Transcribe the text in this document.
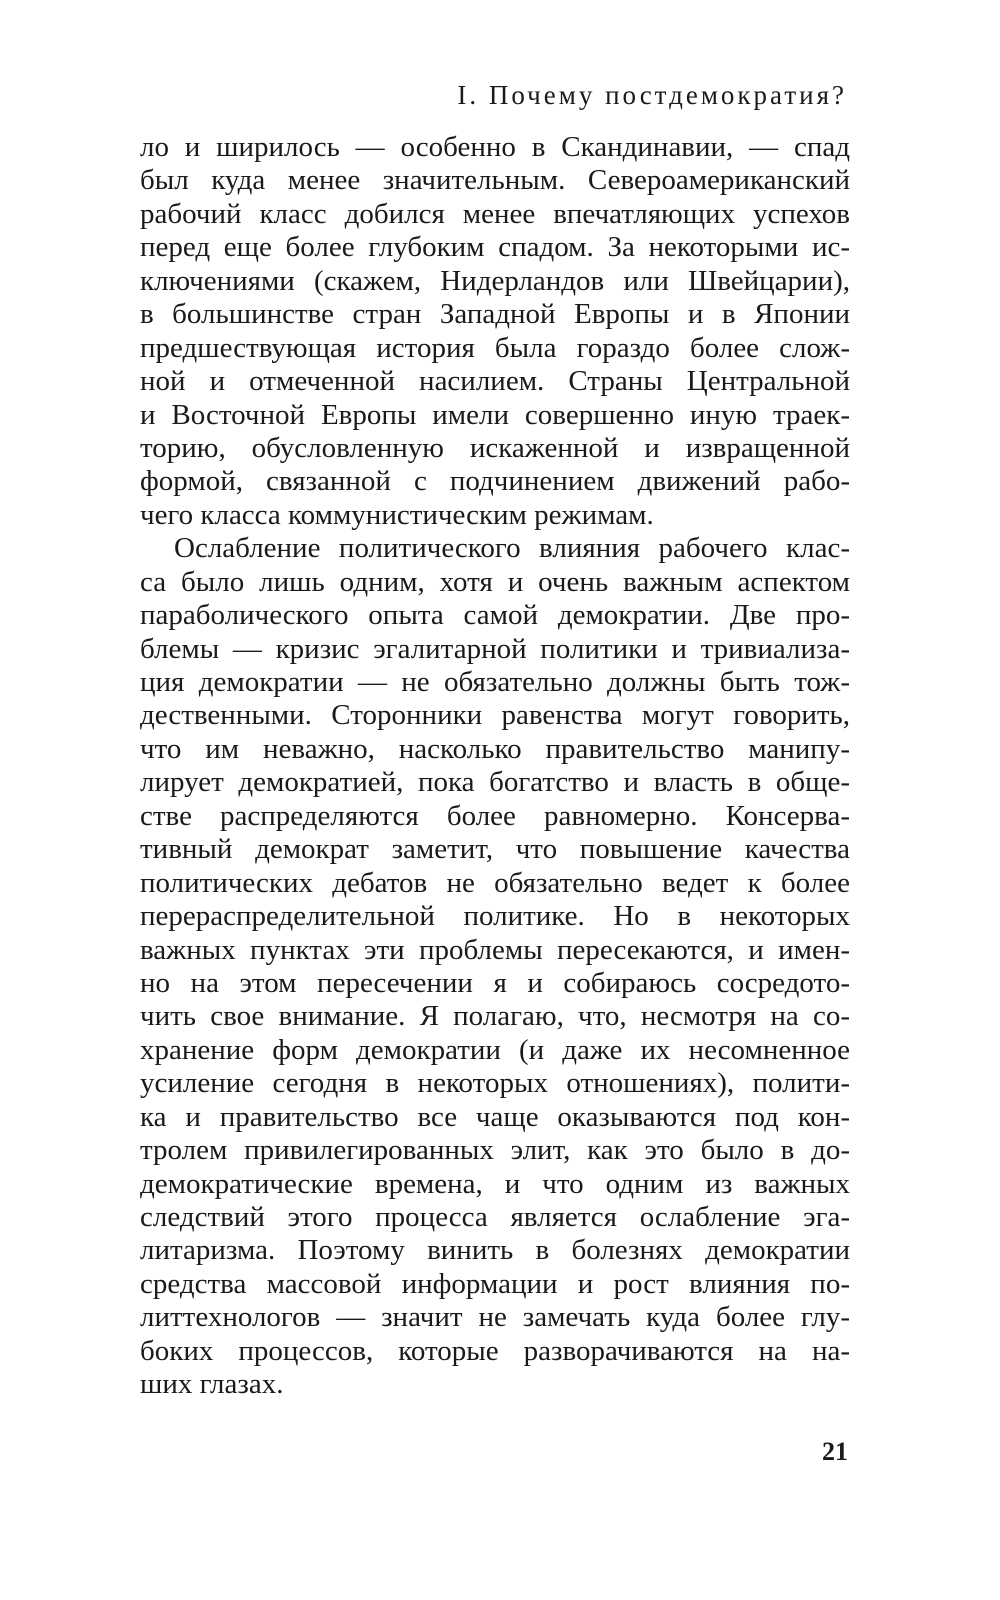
I. Почему постдемократия?
ло и ширилось — особенно в Скандинавии, — спад
был куда менее значительным. Североамериканский
рабочий класс добился менее впечатляющих успехов
перед еще более глубоким спадом. За некоторыми ис-
ключениями (скажем, Нидерландов или Швейцарии),
в большинстве стран Западной Европы и в Японии
предшествующая история была гораздо более слож-
ной и отмеченной насилием. Страны Центральной
и Восточной Европы имели совершенно иную траек-
торию, обусловленную искаженной и извращенной
формой, связанной с подчинением движений рабо-
чего класса коммунистическим режимам.
Ослабление политического влияния рабочего клас-
са было лишь одним, хотя и очень важным аспектом
параболического опыта самой демократии. Две про-
блемы — кризис эгалитарной политики и тривиализа-
ция демократии — не обязательно должны быть тож-
дественными. Сторонники равенства могут говорить,
что им неважно, насколько правительство манипу-
лирует демократией, пока богатство и власть в обще-
стве распределяются более равномерно. Консерва-
тивный демократ заметит, что повышение качества
политических дебатов не обязательно ведет к более
перераспределительной политике. Но в некоторых
важных пунктах эти проблемы пересекаются, и имен-
но на этом пересечении я и собираюсь сосредото-
чить свое внимание. Я полагаю, что, несмотря на со-
хранение форм демократии (и даже их несомненное
усиление сегодня в некоторых отношениях), полити-
ка и правительство все чаще оказываются под кон-
тролем привилегированных элит, как это было в до-
демократические времена, и что одним из важных
следствий этого процесса является ослабление эга-
литаризма. Поэтому винить в болезнях демократии
средства массовой информации и рост влияния по-
литтехнологов — значит не замечать куда более глу-
боких процессов, которые разворачиваются на на-
ших глазах.
21
